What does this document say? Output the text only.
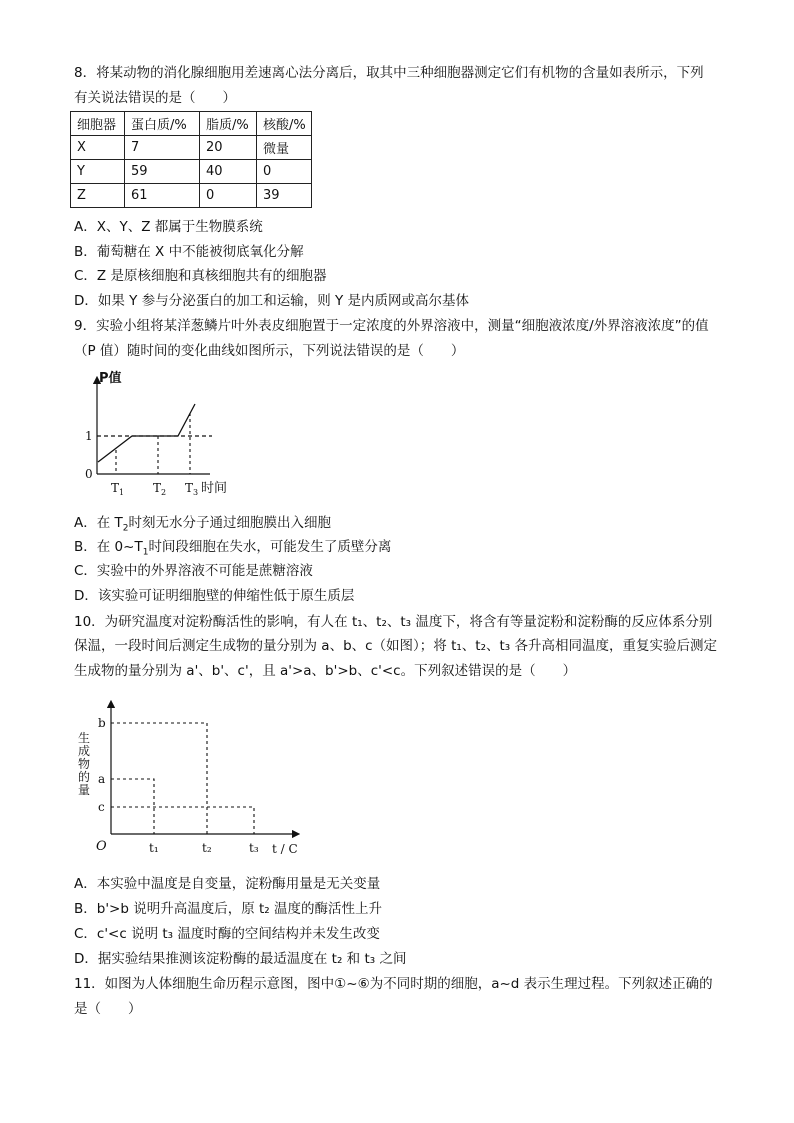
8．将某动物的消化腺细胞用差速离心法分离后，取其中三种细胞器测定它们有机物的含量如表所示，下列
有关说法错误的是（　　）
细胞器	蛋白质/%	脂质/%	核酸/%
X	7	20	微量
Y	59	40	0
Z	61	0	39
A．X、Y、Z 都属于生物膜系统
B．葡萄糖在 X 中不能被彻底氧化分解
C．Z 是原核细胞和真核细胞共有的细胞器
D．如果 Y 参与分泌蛋白的加工和运输，则 Y 是内质网或高尔基体
9．实验小组将某洋葱鳞片叶外表皮细胞置于一定浓度的外界溶液中，测量“细胞液浓度/外界溶液浓度”的值
（P 值）随时间的变化曲线如图所示，下列说法错误的是（　　）
P值
1
0
$T_1$ $T_2$ $T_3$ 时间
A．在 $T_2$时刻无水分子通过细胞膜出入细胞
B．在 $0\sim T_1$时间段细胞在失水，可能发生了质壁分离
C．实验中的外界溶液不可能是蔗糖溶液
D．该实验可证明细胞壁的伸缩性低于原生质层
10．为研究温度对淀粉酶活性的影响，有人在 t₁、t₂、t₃ 温度下，将含有等量淀粉和淀粉酶的反应体系分别
保温，一段时间后测定生成物的量分别为 a、b、c（如图）；将 t₁、t₂、t₃ 各升高相同温度，重复实验后测定
生成物的量分别为 a'、b'、c'，且 a'>a、b'>b、c'<c。下列叙述错误的是（　　）
b
a
c
生成物的量
t₁	t₂	t₃
O	t / C
A．本实验中温度是自变量，淀粉酶用量是无关变量
B．b'>b 说明升高温度后，原 t₂ 温度的酶活性上升
C．c'<c 说明 t₃ 温度时酶的空间结构并未发生改变
D．据实验结果推测该淀粉酶的最适温度在 t₂ 和 t₃ 之间
11．如图为人体细胞生命历程示意图，图中①~⑥为不同时期的细胞，a~d 表示生理过程。下列叙述正确的
是（　　）
